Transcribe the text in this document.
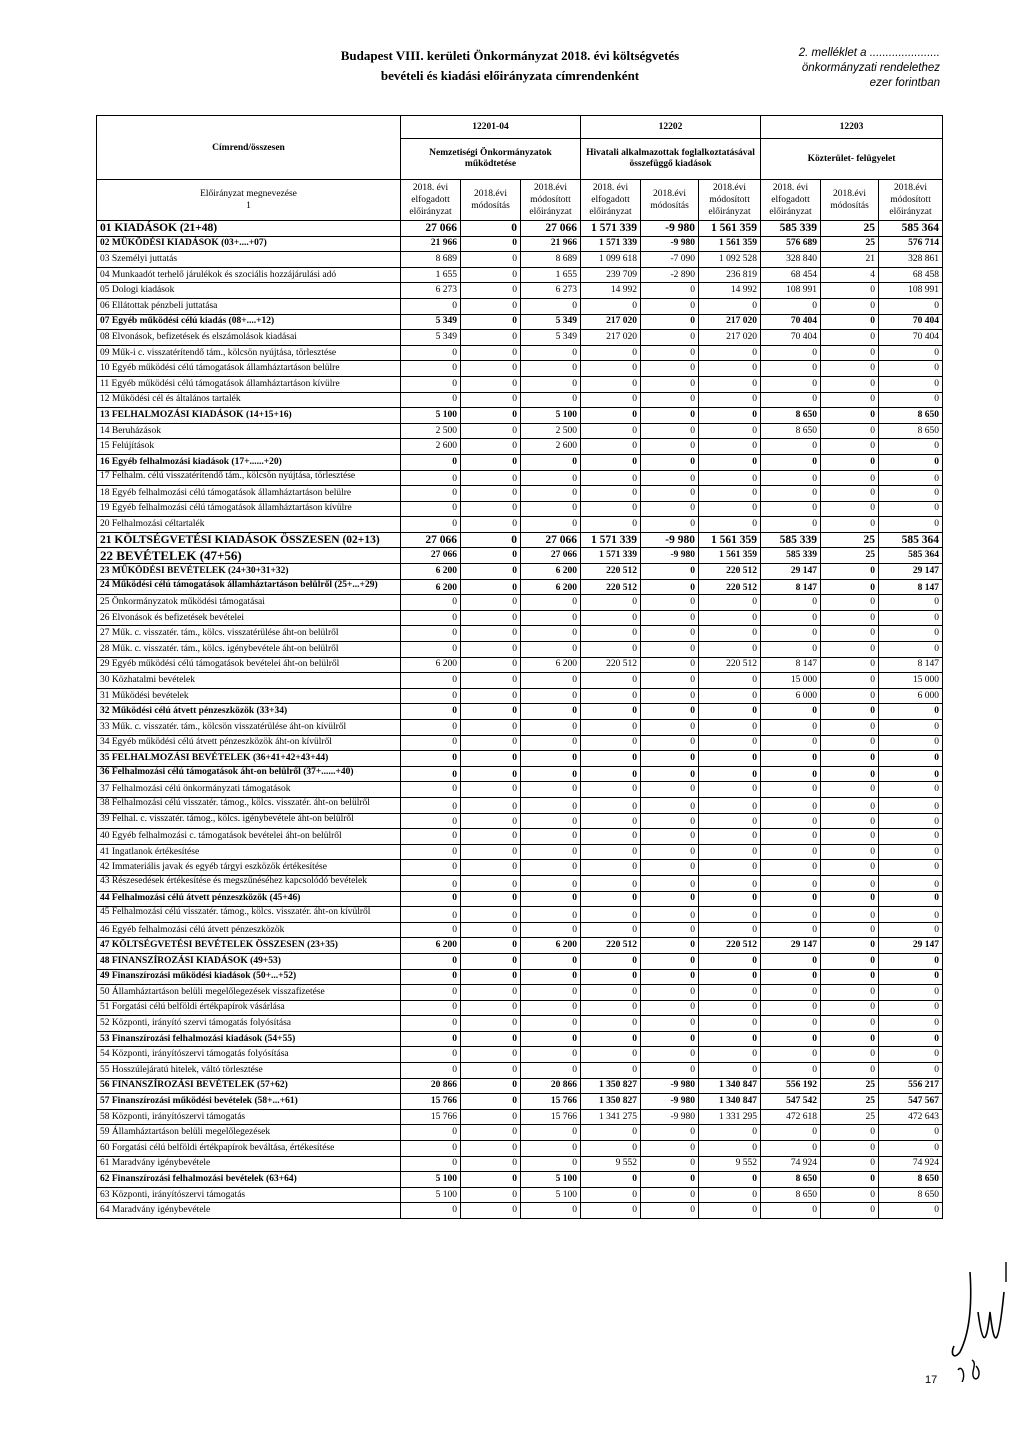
Budapest VIII. kerületi Önkormányzat 2018. évi költségvetés
bevételi és kiadási előirányzata címrendenként
2. melléklet a ......................
önkormányzati rendelethez
ezer forintban
Címrend/összesen	12201-04			12202			12203		
	Nemzetiségi Önkormányzatok működtetése			Hivatali alkalmazottak foglalkoztatásával összefüggő kiadások			Közterület- felügyelet		

Előirányzat megnevezése
1	2018. évi elfogadott előirányzat	2018.évi módosítás	2018.évi módosított előirányzat	2018. évi elfogadott előirányzat	2018.évi módosítás	2018.évi módosított előirányzat	2018. évi elfogadott előirányzat	2018.évi módosítás	2018.évi módosított előirányzat
01 KIADÁSOK (21+48)	27 066	0	27 066	1 571 339	-9 980	1 561 359	585 339	25	585 364
02 MŰKÖDÉSI KIADÁSOK (03+....+07)	21 966	0	21 966	1 571 339	-9 980	1 561 359	576 689	25	576 714
03 Személyi juttatás	8 689	0	8 689	1 099 618	-7 090	1 092 528	328 840	21	328 861
04 Munkaadót terhelő járulékok és szociális hozzájárulási adó	1 655	0	1 655	239 709	-2 890	236 819	68 454	4	68 458
05 Dologi kiadások	6 273	0	6 273	14 992	0	14 992	108 991	0	108 991
06 Ellátottak pénzbeli juttatása	0	0	0	0	0	0	0	0	0
07 Egyéb működési célú kiadás (08+....+12)	5 349	0	5 349	217 020	0	217 020	70 404	0	70 404
08 Elvonások, befizetések és elszámolások kiadásai	5 349	0	5 349	217 020	0	217 020	70 404	0	70 404
09 Műk-i c. visszatérítendő tám., kölcsön nyújtása, törlesztése	0	0	0	0	0	0	0	0	0
10 Egyéb működési célú támogatások államháztartáson belülre	0	0	0	0	0	0	0	0	0
11 Egyéb működési célú támogatások államháztartáson kívülre	0	0	0	0	0	0	0	0	0
12 Működési cél és általános tartalék	0	0	0	0	0	0	0	0	0
13 FELHALMOZÁSI KIADÁSOK (14+15+16)	5 100	0	5 100	0	0	0	8 650	0	8 650
14 Beruházások	2 500	0	2 500	0	0	0	8 650	0	8 650
15 Felújítások	2 600	0	2 600	0	0	0	0	0	0
16 Egyéb felhalmozási kiadások (17+......+20)	0	0	0	0	0	0	0	0	0
17 Felhalm. célú visszatérítendő tám., kölcsön nyújtása, törlesztése	0	0	0	0	0	0	0	0	0
18 Egyéb felhalmozási célú támogatások államháztartáson belülre	0	0	0	0	0	0	0	0	0
19 Egyéb felhalmozási célú támogatások államháztartáson kívülre	0	0	0	0	0	0	0	0	0
20 Felhalmozási céltartalék	0	0	0	0	0	0	0	0	0
21 KÖLTSÉGVETÉSI KIADÁSOK ÖSSZESEN (02+13)	27 066	0	27 066	1 571 339	-9 980	1 561 359	585 339	25	585 364
22 BEVÉTELEK (47+56)	27 066	0	27 066	1 571 339	-9 980	1 561 359	585 339	25	585 364
23 MŰKÖDÉSI BEVÉTELEK (24+30+31+32)	6 200	0	6 200	220 512	0	220 512	29 147	0	29 147
24 Működési célú támogatások államháztartáson belülről (25+...+29)	6 200	0	6 200	220 512	0	220 512	8 147	0	8 147
25 Önkormányzatok működési támogatásai	0	0	0	0	0	0	0	0	0
26 Elvonások és befizetések bevételei	0	0	0	0	0	0	0	0	0
27 Műk. c. visszatér. tám., kölcs. visszatérülése áht-on belülről	0	0	0	0	0	0	0	0	0
28 Műk. c. visszatér. tám., kölcs. igénybevétele áht-on belülről	0	0	0	0	0	0	0	0	0
29 Egyéb működési célú támogatások bevételei áht-on belülről	6 200	0	6 200	220 512	0	220 512	8 147	0	8 147
30 Közhatalmi bevételek	0	0	0	0	0	0	15 000	0	15 000
31 Működési bevételek	0	0	0	0	0	0	6 000	0	6 000
32 Működési célú átvett pénzeszközök (33+34)	0	0	0	0	0	0	0	0	0
33 Műk. c. visszatér. tám., kölcsön visszatérülése áht-on kívülről	0	0	0	0	0	0	0	0	0
34 Egyéb működési célú átvett pénzeszközök áht-on kívülről	0	0	0	0	0	0	0	0	0
35 FELHALMOZÁSI BEVÉTELEK (36+41+42+43+44)	0	0	0	0	0	0	0	0	0
36 Felhalmozási célú támogatások áht-on belülről (37+......+40)	0	0	0	0	0	0	0	0	0
37 Felhalmozási célú önkormányzati támogatások	0	0	0	0	0	0	0	0	0
38 Felhalmozási célú visszatér. támog., kölcs. visszatér. áht-on belülről	0	0	0	0	0	0	0	0	0
39 Felhal. c. visszatér. támog., kölcs. igénybevétele áht-on belülről	0	0	0	0	0	0	0	0	0
40 Egyéb felhalmozási c. támogatások bevételei áht-on belülről	0	0	0	0	0	0	0	0	0
41 Ingatlanok értékesítése	0	0	0	0	0	0	0	0	0
42 Immateriális javak és egyéb tárgyi eszközök értékesítése	0	0	0	0	0	0	0	0	0
43 Részesedések értékesítése és megszűnéséhez kapcsolódó bevételek	0	0	0	0	0	0	0	0	0
44 Felhalmozási célú átvett pénzeszközök (45+46)	0	0	0	0	0	0	0	0	0
45 Felhalmozási célú visszatér. támog., kölcs. visszatér. áht-on kívülről	0	0	0	0	0	0	0	0	0
46 Egyéb felhalmozási célú átvett pénzeszközök	0	0	0	0	0	0	0	0	0
47 KÖLTSÉGVETÉSI BEVÉTELEK ÖSSZESEN (23+35)	6 200	0	6 200	220 512	0	220 512	29 147	0	29 147
48 FINANSZÍROZÁSI KIADÁSOK (49+53)	0	0	0	0	0	0	0	0	0
49 Finanszírozási működési kiadások (50+...+52)	0	0	0	0	0	0	0	0	0
50 Államháztartáson belüli megelőlegezések visszafizetése	0	0	0	0	0	0	0	0	0
51 Forgatási célú belföldi értékpapírok vásárlása	0	0	0	0	0	0	0	0	0
52 Központi, irányító szervi támogatás folyósítása	0	0	0	0	0	0	0	0	0
53 Finanszírozási felhalmozási kiadások (54+55)	0	0	0	0	0	0	0	0	0
54 Központi, irányítószervi támogatás folyósítása	0	0	0	0	0	0	0	0	0
55 Hosszúlejáratú hitelek, váltó törlesztése	0	0	0	0	0	0	0	0	0
56 FINANSZÍROZÁSI BEVÉTELEK (57+62)	20 866	0	20 866	1 350 827	-9 980	1 340 847	556 192	25	556 217
57 Finanszírozási működési bevételek (58+...+61)	15 766	0	15 766	1 350 827	-9 980	1 340 847	547 542	25	547 567
58 Központi, irányítószervi támogatás	15 766	0	15 766	1 341 275	-9 980	1 331 295	472 618	25	472 643
59 Államháztartáson belüli megelőlegezések	0	0	0	0	0	0	0	0	0
60 Forgatási célú belföldi értékpapírok beváltása, értékesítése	0	0	0	0	0	0	0	0	0
61 Maradvány igénybevétele	0	0	0	9 552	0	9 552	74 924	0	74 924
62 Finanszírozási felhalmozási bevételek (63+64)	5 100	0	5 100	0	0	0	8 650	0	8 650
63 Központi, irányítószervi támogatás	5 100	0	5 100	0	0	0	8 650	0	8 650
64 Maradvány igénybevétele	0	0	0	0	0	0	0	0	0
17
